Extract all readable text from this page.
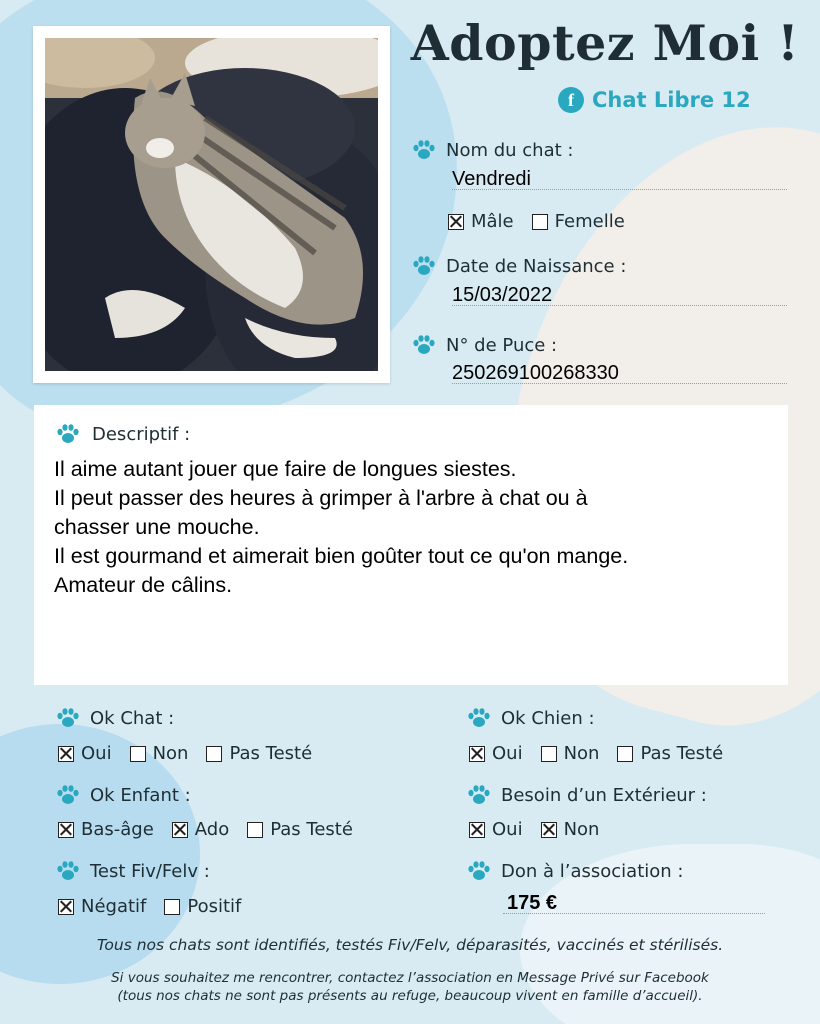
Adoptez Moi !
f Chat Libre 12
Nom du chat :
Vendredi
Mâle Femelle
Date de Naissance :
15/03/2022
N° de Puce :
250269100268330
Descriptif :
Il aime autant jouer que faire de longues siestes.
Il peut passer des heures à grimper à l'arbre à chat ou à
chasser une mouche.
Il est gourmand et aimerait bien goûter tout ce qu'on mange.
Amateur de câlins.
Ok Chat :
Oui Non Pas Testé
Ok Enfant :
Bas-âge Ado Pas Testé
Test Fiv/Felv :
Négatif Positif
Ok Chien :
Oui Non Pas Testé
Besoin d’un Extérieur :
Oui Non
Don à l’association :
175 €
Tous nos chats sont identifiés, testés Fiv/Felv, déparasités, vaccinés et stérilisés.
Si vous souhaitez me rencontrer, contactez l’association en Message Privé sur Facebook
(tous nos chats ne sont pas présents au refuge, beaucoup vivent en famille d’accueil).
